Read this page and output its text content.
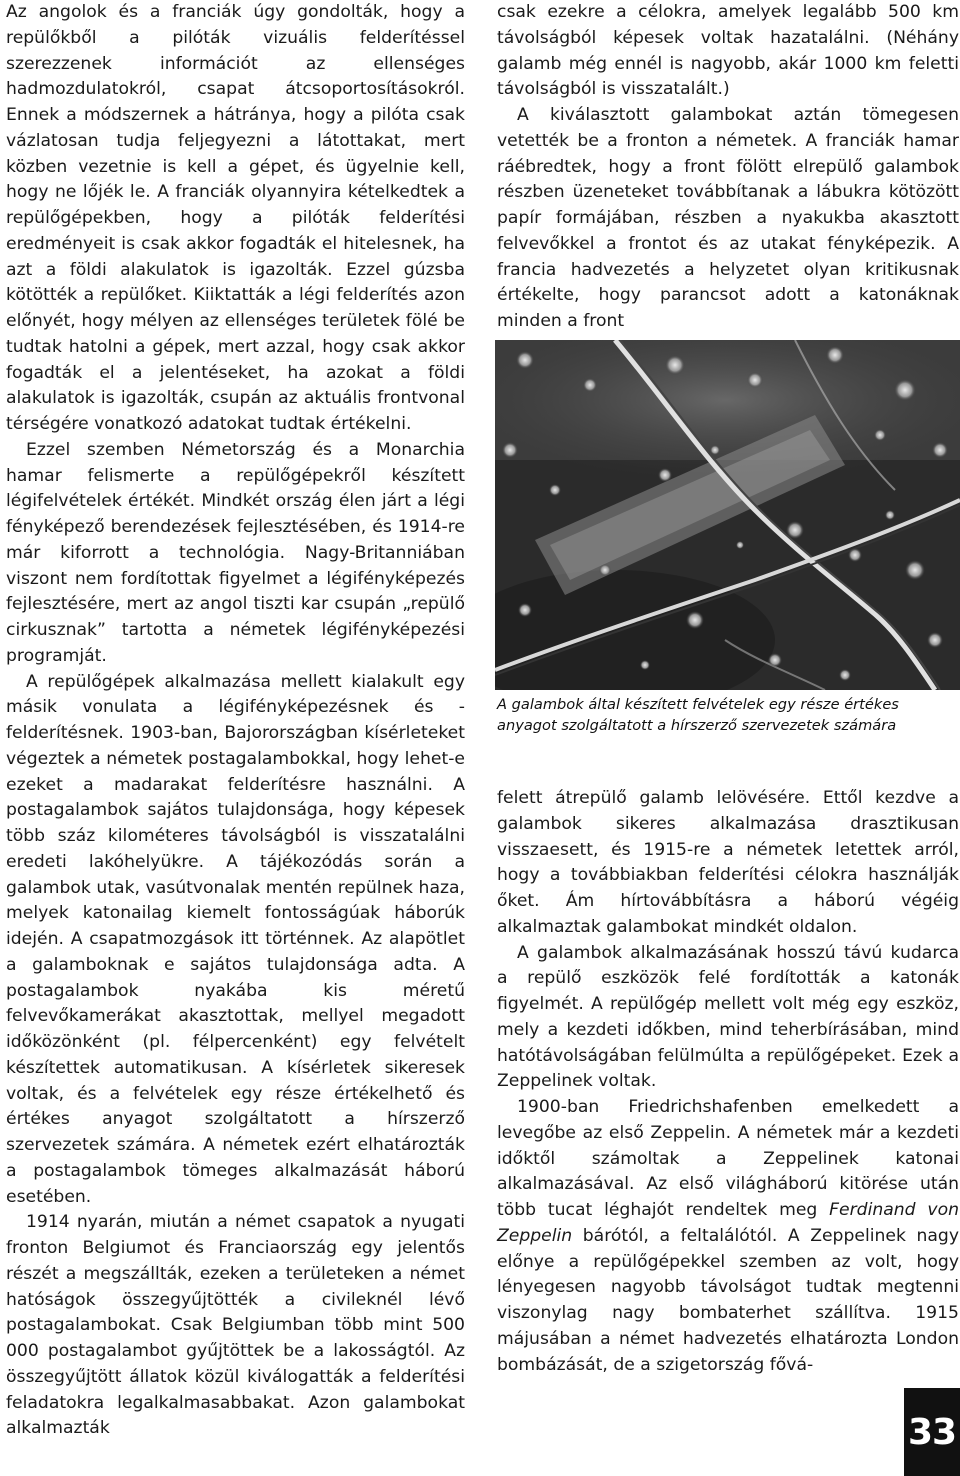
Az angolok és a franciák úgy gondolták, hogy a repülőkből a pilóták vizuális felderítéssel szerezzenek információt az ellenséges hadmozdulatokról, csapat átcsoportosításokról. Ennek a módszernek a hátránya, hogy a pilóta csak vázlatosan tudja feljegyezni a látottakat, mert közben vezetnie is kell a gépet, és ügyelnie kell, hogy ne lőjék le. A franciák olyannyira kételkedtek a repülőgépekben, hogy a pilóták felderítési eredményeit is csak akkor fogadták el hitelesnek, ha azt a földi alakulatok is igazolták. Ezzel gúzsba kötötték a repülőket. Kiiktatták a légi felderítés azon előnyét, hogy mélyen az ellenséges területek fölé be tudtak hatolni a gépek, mert azzal, hogy csak akkor fogadták el a jelentéseket, ha azokat a földi alakulatok is igazolták, csupán az aktuális frontvonal térségére vonatkozó adatokat tudtak értékelni.

Ezzel szemben Németország és a Monarchia hamar felismerte a repülőgépekről készített légifelvételek értékét. Mindkét ország élen járt a légi fényképező berendezések fejlesztésében, és 1914-re már kiforrott a technológia. Nagy-Britanniában viszont nem fordítottak figyelmet a légifényképezés fejlesztésére, mert az angol tiszti kar csupán „repülő cirkusznak” tartotta a németek légifényképezési programját.

A repülőgépek alkalmazása mellett kialakult egy másik vonulata a légifényképezésnek és -felderítésnek. 1903-ban, Bajorországban kísérleteket végeztek a németek postagalambokkal, hogy lehet-e ezeket a madarakat felderítésre használni. A postagalambok sajátos tulajdonsága, hogy képesek több száz kilométeres távolságból is visszatalálni eredeti lakóhelyükre. A tájékozódás során a galambok utak, vasútvonalak mentén repülnek haza, melyek katonailag kiemelt fontosságúak háborúk idején. A csapatmozgások itt történnek. Az alapötlet a galamboknak e sajátos tulajdonsága adta. A postagalambok nyakába kis méretű felvevőkamerákat akasztottak, mellyel megadott időközönként (pl. félpercenként) egy felvételt készítettek automatikusan. A kísérletek sikeresek voltak, és a felvételek egy része értékelhető és értékes anyagot szolgáltatott a hírszerző szervezetek számára. A németek ezért elhatározták a postagalambok tömeges alkalmazását háború esetében.

1914 nyarán, miután a német csapatok a nyugati fronton Belgiumot és Franciaország egy jelentős részét a megszállták, ezeken a területeken a német hatóságok összegyűjtötték a civileknél lévő postagalambokat. Csak Belgiumban több mint 500 000 postagalambot gyűjtöttek be a lakosságtól. Az összegyűjtött állatok közül kiválogatták a felderítési feladatokra legalkalmasabbakat. Azon galambokat alkalmazták

csak ezekre a célokra, amelyek legalább 500 km távolságból képesek voltak hazatalálni. (Néhány galamb még ennél is nagyobb, akár 1000 km feletti távolságból is visszatalált.)

A kiválasztott galambokat aztán tömegesen vetették be a fronton a németek. A franciák hamar ráébredtek, hogy a front fölött elrepülő galambok részben üzeneteket továbbítanak a lábukra kötözött papír formájában, részben a nyakukba akasztott felvevőkkel a frontot és az utakat fényképezik. A francia hadvezetés a helyzetet olyan kritikusnak értékelte, hogy parancsot adott a katonáknak minden a front

A galambok által készített felvételek egy része értékes anyagot szolgáltatott a hírszerző szervezetek számára

felett átrepülő galamb lelövésére. Ettől kezdve a galambok sikeres alkalmazása drasztikusan visszaesett, és 1915-re a németek letettek arról, hogy a továbbiakban felderítési célokra használják őket. Ám hírtovábbításra a háború végéig alkalmaztak galambokat mindkét oldalon.

A galambok alkalmazásának hosszú távú kudarca a repülő eszközök felé fordították a katonák figyelmét. A repülőgép mellett volt még egy eszköz, mely a kezdeti időkben, mind teherbírásában, mind hatótávolságában felülmúlta a repülőgépeket. Ezek a Zeppelinek voltak.

1900-ban Friedrichshafenben emelkedett a levegőbe az első Zeppelin. A németek már a kezdeti időktől számoltak a Zeppelinek katonai alkalmazásával. Az első világháború kitörése után több tucat léghajót rendeltek meg Ferdinand von Zeppelin bárótól, a feltalálótól. A Zeppelinek nagy előnye a repülőgépekkel szemben az volt, hogy lényegesen nagyobb távolságot tudtak megtenni viszonylag nagy bombaterhet szállítva. 1915 májusában a német hadvezetés elhatározta London bombázását, de a szigetország fővá-

33
